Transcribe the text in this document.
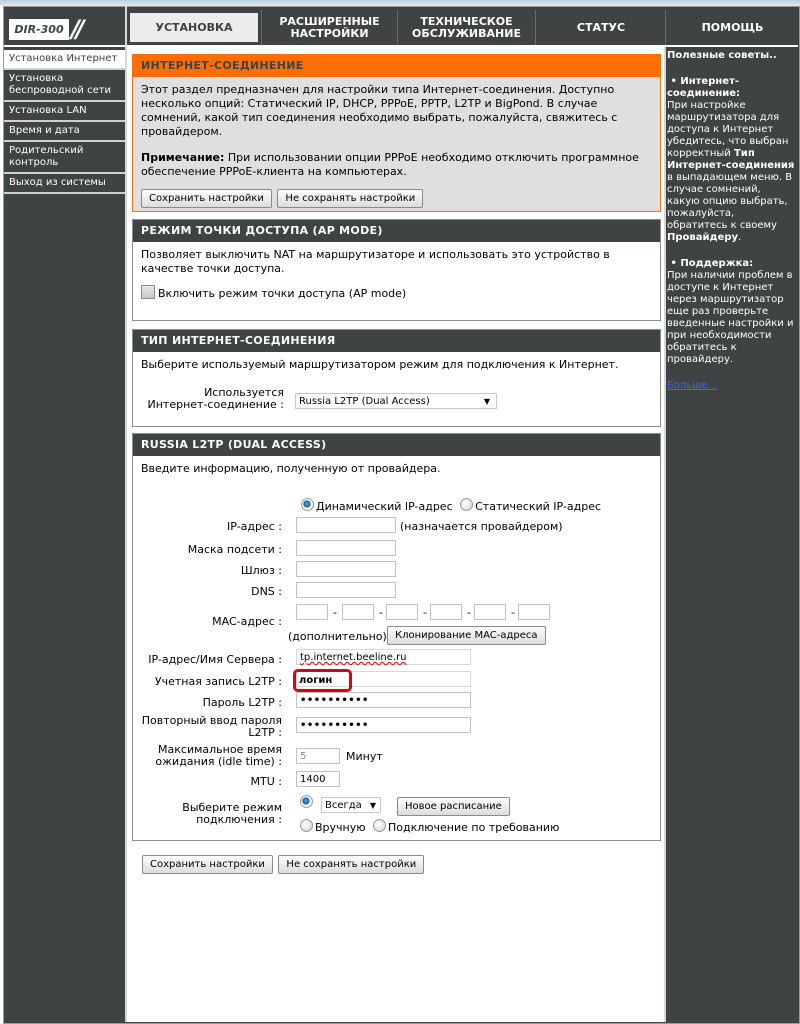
DIR-300 //	УСТАНОВКА	РАСШИРЕННЫЕ НАСТРОЙКИ
ТЕХНИЧЕСКОЕ ОБСЛУЖИВАНИЕ	СТАТУС	ПОМОЩЬ
Установка Интернет
Установка беспроводной сети
Установка LAN
Время и дата
Родительский контроль
Выход из системы
ИНТЕРНЕТ-СОЕДИНЕНИЕ
Этот раздел предназначен для настройки типа Интернет-соединения. Доступно несколько опций: Статический IP, DHCP, PPPoE, PPTP, L2TP и BigPond. В случае сомнений, какой тип соединения необходимо выбрать, пожалуйста, свяжитесь с провайдером.
Примечание: При использовании опции PPPoE необходимо отключить программное обеспечение PPPoE-клиента на компьютерах.
Сохранить настройки Не сохранять настройки
РЕЖИМ ТОЧКИ ДОСТУПА (AP MODE)
Позволяет выключить NAT на маршрутизаторе и использовать это устройство в качестве точки доступа.
Включить режим точки доступа (AP mode)
ТИП ИНТЕРНЕТ-СОЕДИНЕНИЯ
Выберите используемый маршрутизатором режим для подключения к Интернет.
Используется Интернет-соединение :	Russia L2TP (Dual Access)	▼
RUSSIA L2TP (DUAL ACCESS)
Введите информацию, полученную от провайдера.
Динамический IP-адрес Статический IP-адрес
IP-адрес :	(назначается провайдером)
Маска подсети :
Шлюз :
DNS :
MAC-адрес :
-	-	-	-	-
(дополнительно) Клонирование MAC-адреса
IP-адрес/Имя Сервера :	tp.internet.beeline.ru
Учетная запись L2TP :	логин
Пароль L2TP :	••••••••••
Повторный ввод пароля L2TP :
••••••••••
Максимальное время ожидания (idle time) :	5	Минут
MTU :	1400
Выберите режим подключения :
Всегда ▼	Новое расписание
Вручную Подключение по требованию
Сохранить настройки Не сохранять настройки
Полезные советы..
• Интернет-соединение:
При настройке маршрутизатора для доступа к Интернет убедитесь, что выбран корректный Тип Интернет-соединения в выпадающем меню. В случае сомнений, какую опцию выбрать, пожалуйста, обратитесь к своему Провайдеру.
• Поддержка:
При наличии проблем в доступе к Интернет через маршрутизатор еще раз проверьте введенные настройки и при необходимости обратитесь к провайдеру.
Больше...
